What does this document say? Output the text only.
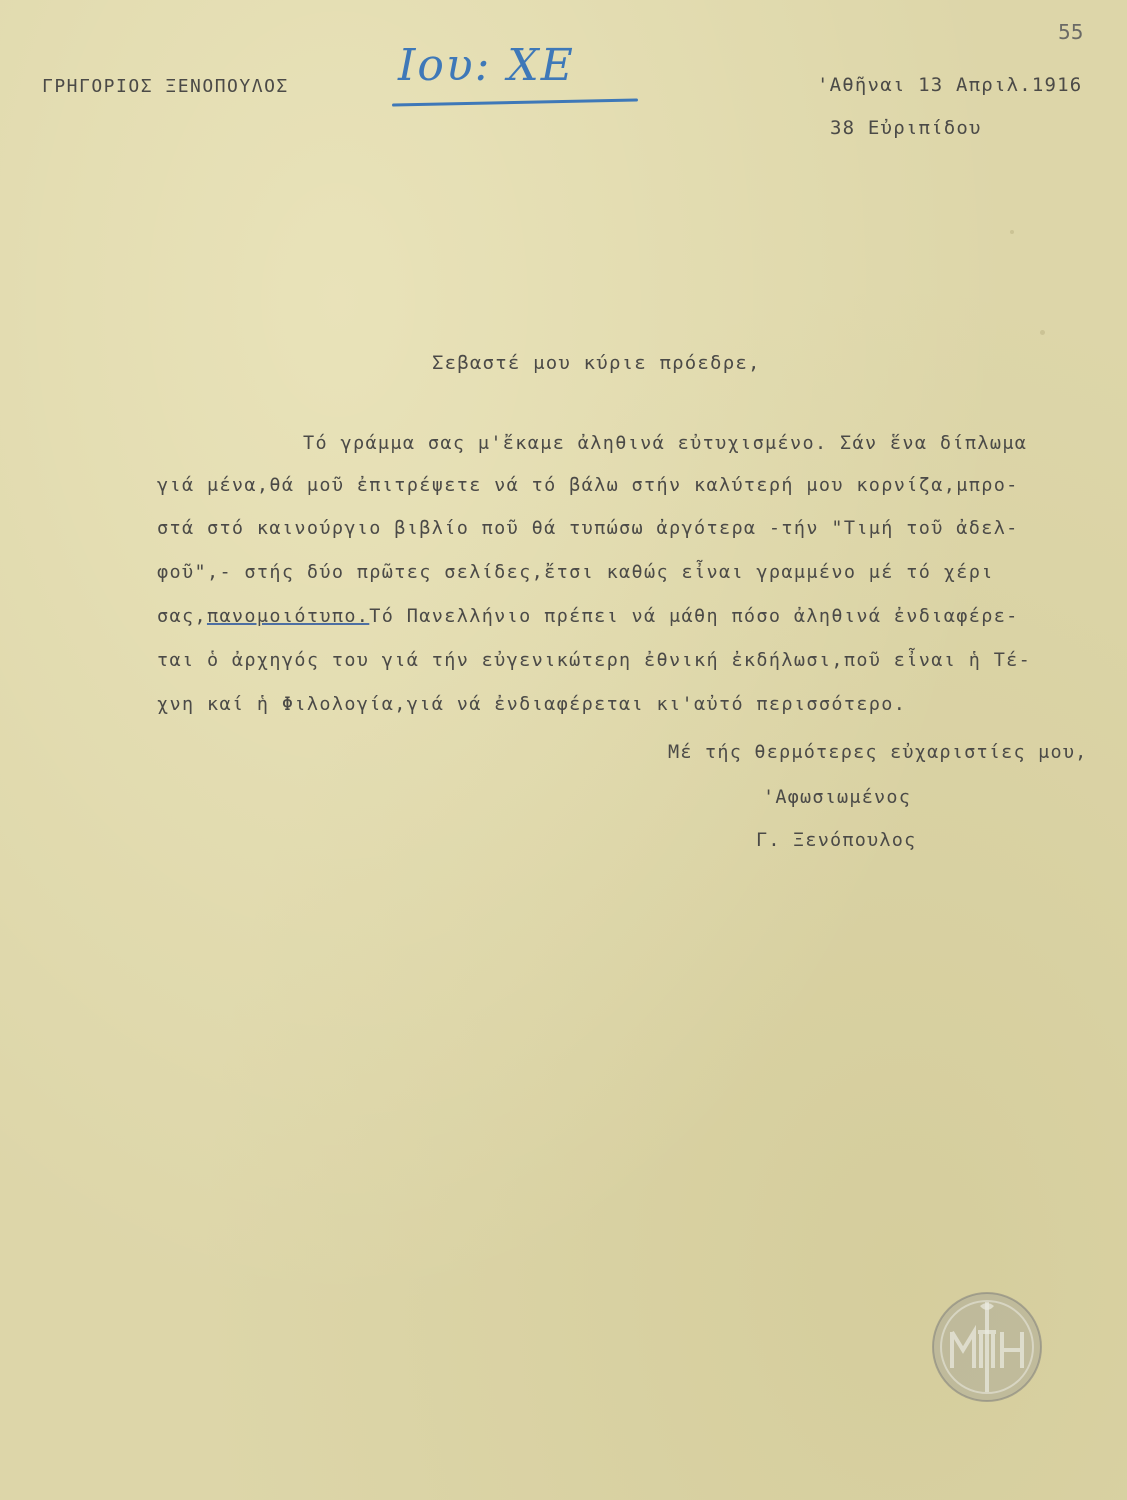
55
ΓΡΗΓΟΡΙΟΣ ΞΕΝΟΠΟΥΛΟΣ Ιου: ΧΕ	'Αθῆναι 13 Απριλ.1916
38 Εὐριπίδου
Σεβαστέ μου κύριε πρόεδρε,
Τό γράμμα σας μ'ἔκαμε ἀληθινά εὐτυχισμένο. Σάν ἕνα δίπλωμα
γιά μένα,θά μοῦ ἐπιτρέψετε νά τό βάλω στήν καλύτερή μου κορνίζα,μπρο-
στά στό καινούργιο βιβλίο ποῦ θά τυπώσω ἀργότερα -τήν "Τιμή τοῦ ἀδελ-
φοῦ",- στής δύο πρῶτες σελίδες,ἔτσι καθώς εἶναι γραμμένο μέ τό χέρι
σας,πανομοιότυπο.Τό Πανελλήνιο πρέπει νά μάθη πόσο ἀληθινά ἐνδιαφέρε-
ται ὁ ἀρχηγός του γιά τήν εὐγενικώτερη ἐθνική ἐκδήλωσι,ποῦ εἶναι ἡ Τέ-
χνη καί ἡ Φιλολογία,γιά νά ἐνδιαφέρεται κι'αὐτό περισσότερο.
Μέ τής θερμότερες εὐχαριστίες μου,
'Αφωσιωμένος
Γ. Ξενόπουλος
